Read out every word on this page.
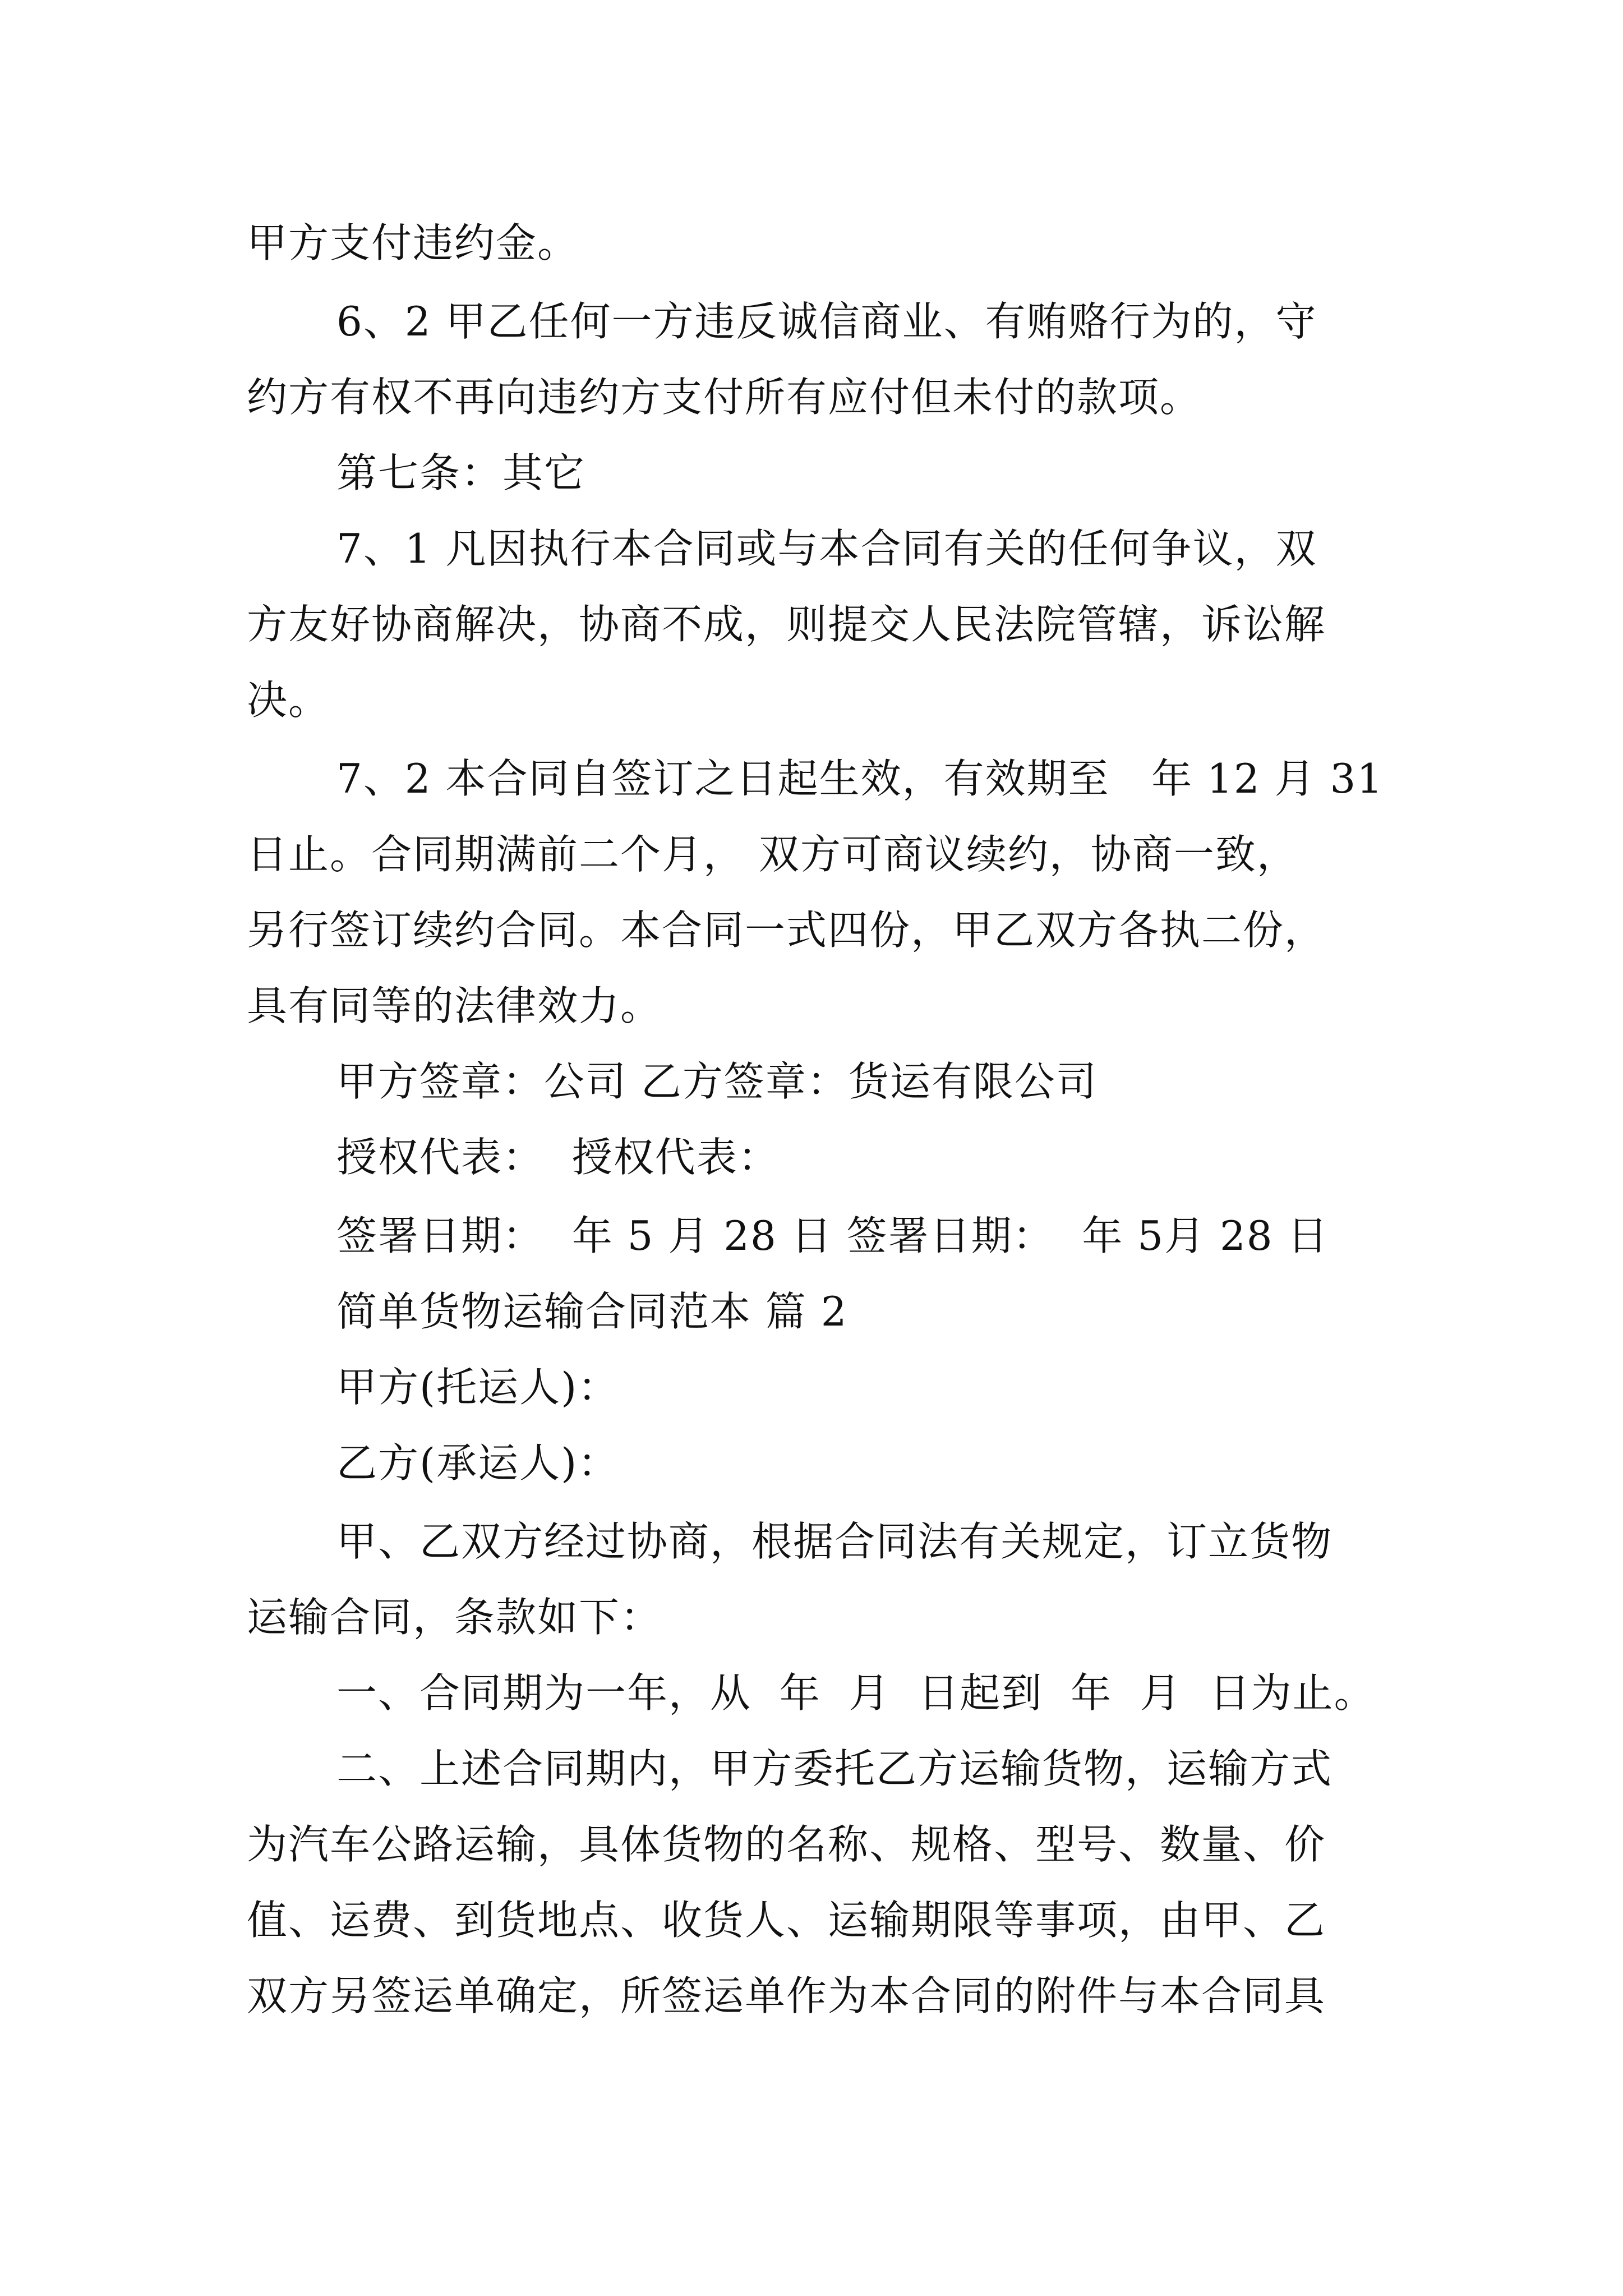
甲方支付违约金。
6、2 甲乙任何一方违反诚信商业、有贿赂行为的，守
约方有权不再向违约方支付所有应付但未付的款项。
第七条：其它
7、1 凡因执行本合同或与本合同有关的任何争议，双
方友好协商解决，协商不成，则提交人民法院管辖，诉讼解
决。
7、2 本合同自签订之日起生效，有效期至   年 12 月 31
日止。合同期满前二个月， 双方可商议续约，协商一致，
另行签订续约合同。本合同一式四份，甲乙双方各执二份，
具有同等的法律效力。
甲方签章：公司 乙方签章：货运有限公司
授权代表：  授权代表：
签署日期：  年 5 月 28 日 签署日期：  年 5月 28 日
简单货物运输合同范本 篇 2
甲方(托运人)：
乙方(承运人)：
甲、乙双方经过协商，根据合同法有关规定，订立货物
运输合同，条款如下：
一、合同期为一年，从  年  月  日起到  年  月  日为止。
二、上述合同期内，甲方委托乙方运输货物，运输方式
为汽车公路运输，具体货物的名称、规格、型号、数量、价
值、运费、到货地点、收货人、运输期限等事项，由甲、乙
双方另签运单确定，所签运单作为本合同的附件与本合同具
